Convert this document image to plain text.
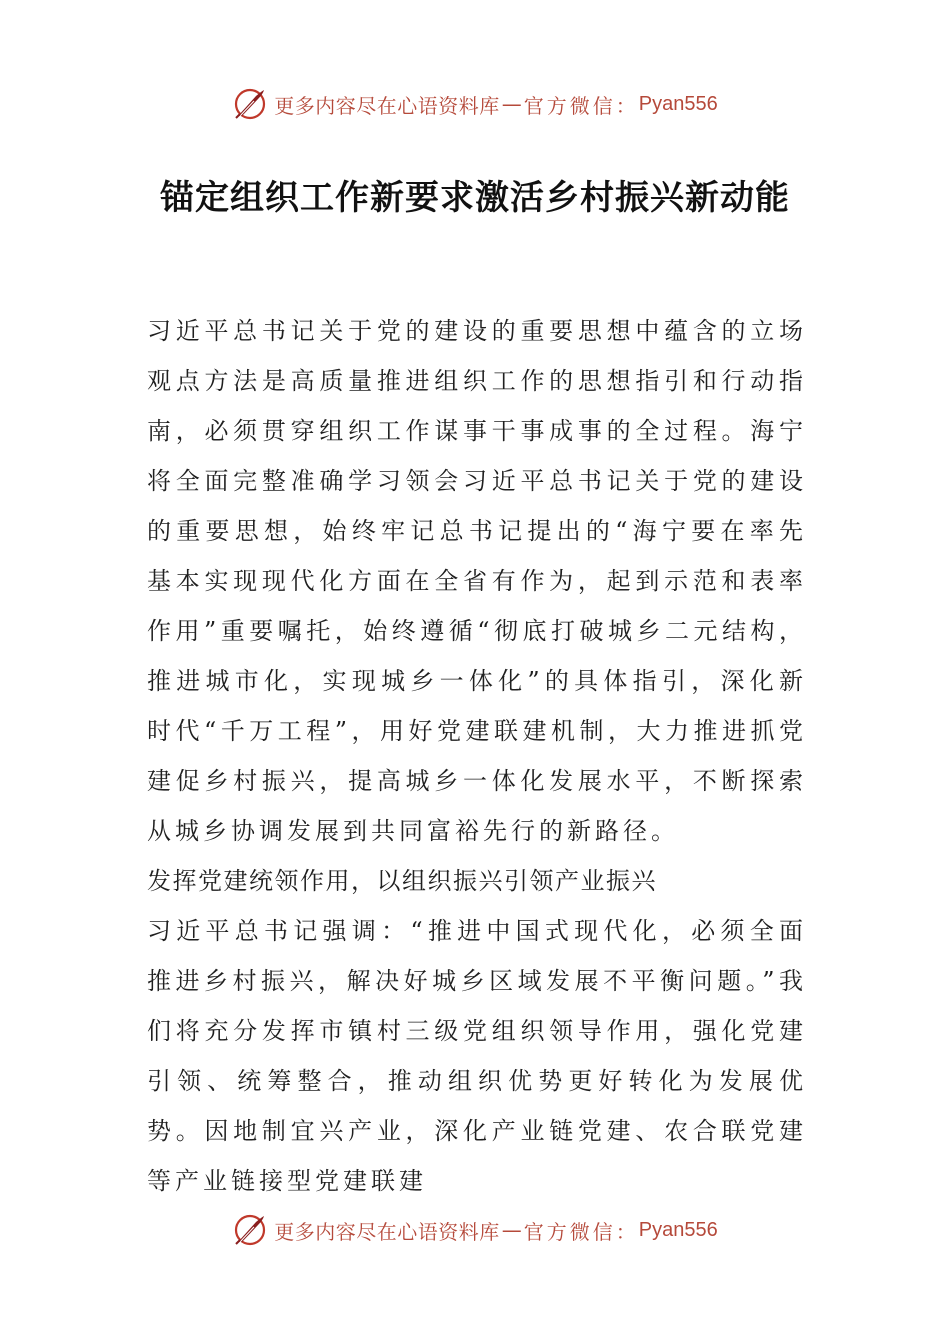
更多内容尽在心语资料库 — 官方微信： Pyan556
锚定组织工作新要求激活乡村振兴新动能

习近平总书记关于党的建设的重要思想中蕴含的立场观点方法是高质量推进组织工作的思想指引和行动指南，必须贯穿组织工作谋事干事成事的全过程。海宁将全面完整准确学习领会习近平总书记关于党的建设的重要思想，始终牢记总书记提出的“海宁要在率先基本实现现代化方面在全省有作为，起到示范和表率作用”重要嘱托，始终遵循“彻底打破城乡二元结构，推进城市化，实现城乡一体化”的具体指引，深化新时代“千万工程”，用好党建联建机制，大力推进抓党建促乡村振兴，提高城乡一体化发展水平，不断探索从城乡协调发展到共同富裕先行的新路径。

发挥党建统领作用，以组织振兴引领产业振兴

习近平总书记强调：“推进中国式现代化，必须全面推进乡村振兴，解决好城乡区域发展不平衡问题。”我们将充分发挥市镇村三级党组织领导作用，强化党建引领、统筹整合，推动组织优势更好转化为发展优势。因地制宜兴产业，深化产业链党建、农合联党建等产业链接型党建联建

更多内容尽在心语资料库 — 官方微信： Pyan556
